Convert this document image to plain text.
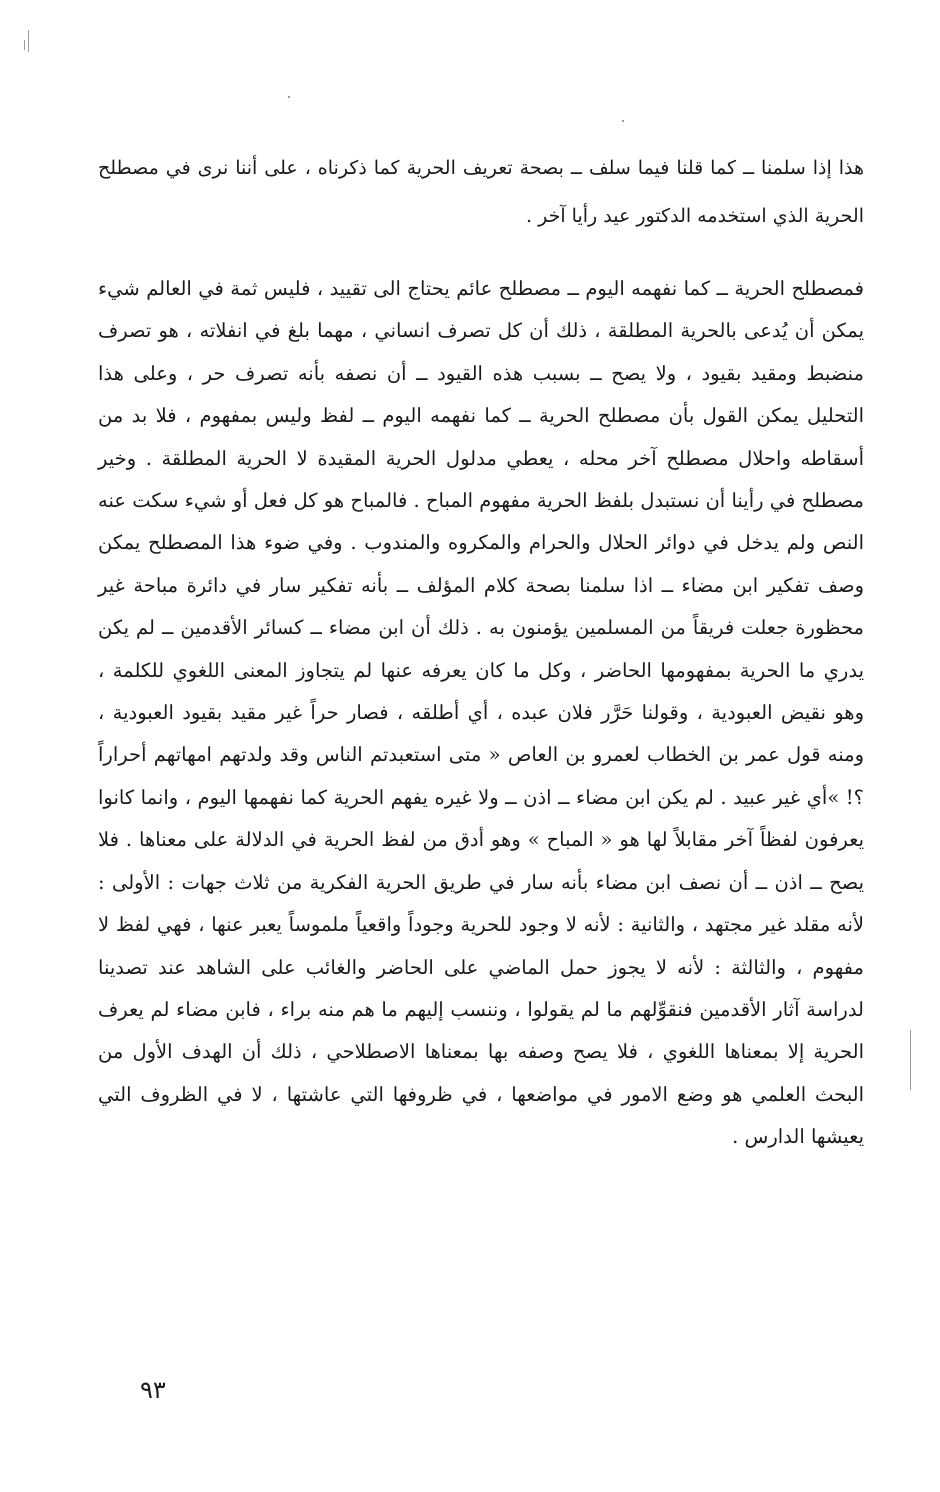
هذا إذا سلمنا ــ كما قلنا فيما سلف ــ بصحة تعريف الحرية كما ذكرناه ، على أننا نرى في مصطلح الحرية الذي استخدمه الدكتور عيد رأيا آخر .

فمصطلح الحرية ــ كما نفهمه اليوم ــ مصطلح عائم يحتاج الى تقييد ، فليس ثمة في العالم شيء يمكن أن يُدعى بالحرية المطلقة ، ذلك أن كل تصرف انساني ، مهما بلغ في انفلاته ، هو تصرف منضبط ومقيد بقيود ، ولا يصح ــ بسبب هذه القيود ــ أن نصفه بأنه تصرف حر ، وعلى هذا التحليل يمكن القول بأن مصطلح الحرية ــ كما نفهمه اليوم ــ لفظ وليس بمفهوم ، فلا بد من أسقاطه واحلال مصطلح آخر محله ، يعطي مدلول الحرية المقيدة لا الحرية المطلقة . وخير مصطلح في رأينا أن نستبدل بلفظ الحرية مفهوم المباح . فالمباح هو كل فعل أو شيء سكت عنه النص ولم يدخل في دوائر الحلال والحرام والمكروه والمندوب . وفي ضوء هذا المصطلح يمكن وصف تفكير ابن مضاء ــ اذا سلمنا بصحة كلام المؤلف ــ بأنه تفكير سار في دائرة مباحة غير محظورة جعلت فريقاً من المسلمين يؤمنون به . ذلك أن ابن مضاء ــ كسائر الأقدمين ــ لم يكن يدري ما الحرية بمفهومها الحاضر ، وكل ما كان يعرفه عنها لم يتجاوز المعنى اللغوي للكلمة ، وهو نقيض العبودية ، وقولنا حَرَّر فلان عبده ، أي أطلقه ، فصار حراً غير مقيد بقيود العبودية ، ومنه قول عمر بن الخطاب لعمرو بن العاص « متى استعبدتم الناس وقد ولدتهم امهاتهم أحراراً ؟! »أي غير عبيد . لم يكن ابن مضاء ــ اذن ــ ولا غيره يفهم الحرية كما نفهمها اليوم ، وانما كانوا يعرفون لفظاً آخر مقابلاً لها هو « المباح » وهو أدق من لفظ الحرية في الدلالة على معناها . فلا يصح ــ اذن ــ أن نصف ابن مضاء بأنه سار في طريق الحرية الفكرية من ثلاث جهات : الأولى : لأنه مقلد غير مجتهد ، والثانية : لأنه لا وجود للحرية وجوداً واقعياً ملموساً يعبر عنها ، فهي لفظ لا مفهوم ، والثالثة : لأنه لا يجوز حمل الماضي على الحاضر والغائب على الشاهد عند تصدينا لدراسة آثار الأقدمين فنقوِّلهم ما لم يقولوا ، وننسب إليهم ما هم منه براء ، فابن مضاء لم يعرف الحرية إلا بمعناها اللغوي ، فلا يصح وصفه بها بمعناها الاصطلاحي ، ذلك أن الهدف الأول من البحث العلمي هو وضع الامور في مواضعها ، في ظروفها التي عاشتها ، لا في الظروف التي يعيشها الدارس .

٩٣
